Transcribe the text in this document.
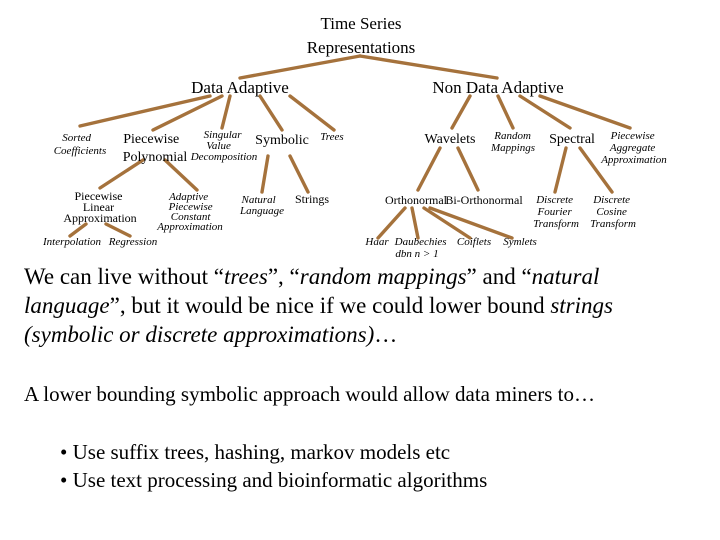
Time Series
Representations
Data Adaptive	Non Data Adaptive
Sorted Coefficients
Piecewise Polynomial
Singular Value Decomposition
Symbolic Trees
Piecewise Linear Approximation
Interpolation Regression
Adaptive Piecewise Constant Approximation
Natural Language
Strings
Wavelets	Random Mappings
Spectral	Piecewise Aggregate Approximation
Orthonormal
Bi-Orthonormal Discrete Fourier Transform
Discrete Cosine Transform
Haar Daubechies dbn n > 1
Coiflets Symlets

We can live without “trees”, “random mappings” and “natural language”, but it would be nice if we could lower bound strings (symbolic or discrete approximations)…

A lower bounding symbolic approach would allow data miners to…

• Use suffix trees, hashing, markov models etc
• Use text processing and bioinformatic algorithms
